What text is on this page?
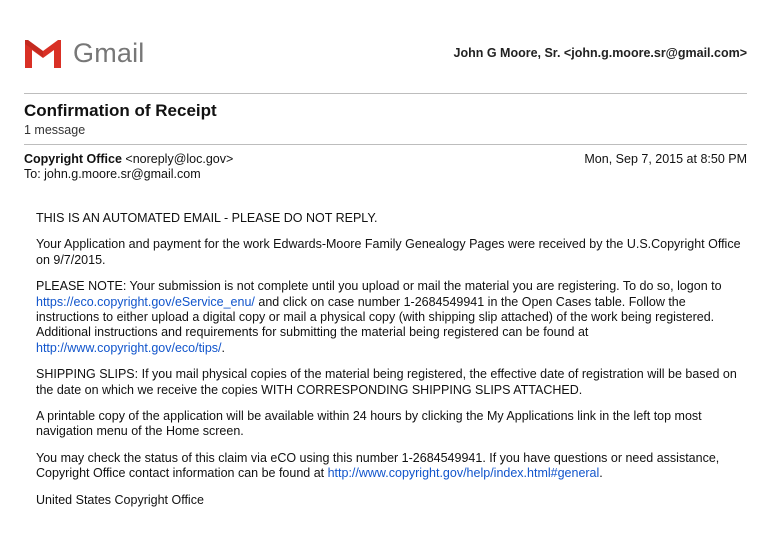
Gmail	John G Moore, Sr. <john.g.moore.sr@gmail.com>
Confirmation of Receipt
1 message
Copyright Office <noreply@loc.gov>	Mon, Sep 7, 2015 at 8:50 PM
To: john.g.moore.sr@gmail.com

THIS IS AN AUTOMATED EMAIL - PLEASE DO NOT REPLY.

Your Application and payment for the work Edwards-Moore Family Genealogy Pages were received by the U.S.Copyright Office on 9/7/2015.

PLEASE NOTE: Your submission is not complete until you upload or mail the material you are registering. To do so, logon to https://eco.copyright.gov/eService_enu/ and click on case number 1-2684549941 in the Open Cases table. Follow the instructions to either upload a digital copy or mail a physical copy (with shipping slip attached) of the work being registered. Additional instructions and requirements for submitting the material being registered can be found at http://www.copyright.gov/eco/tips/.

SHIPPING SLIPS: If you mail physical copies of the material being registered, the effective date of registration will be based on the date on which we receive the copies WITH CORRESPONDING SHIPPING SLIPS ATTACHED.

A printable copy of the application will be available within 24 hours by clicking the My Applications link in the left top most navigation menu of the Home screen.

You may check the status of this claim via eCO using this number 1-2684549941. If you have questions or need assistance, Copyright Office contact information can be found at http://www.copyright.gov/help/index.html#general.

United States Copyright Office
